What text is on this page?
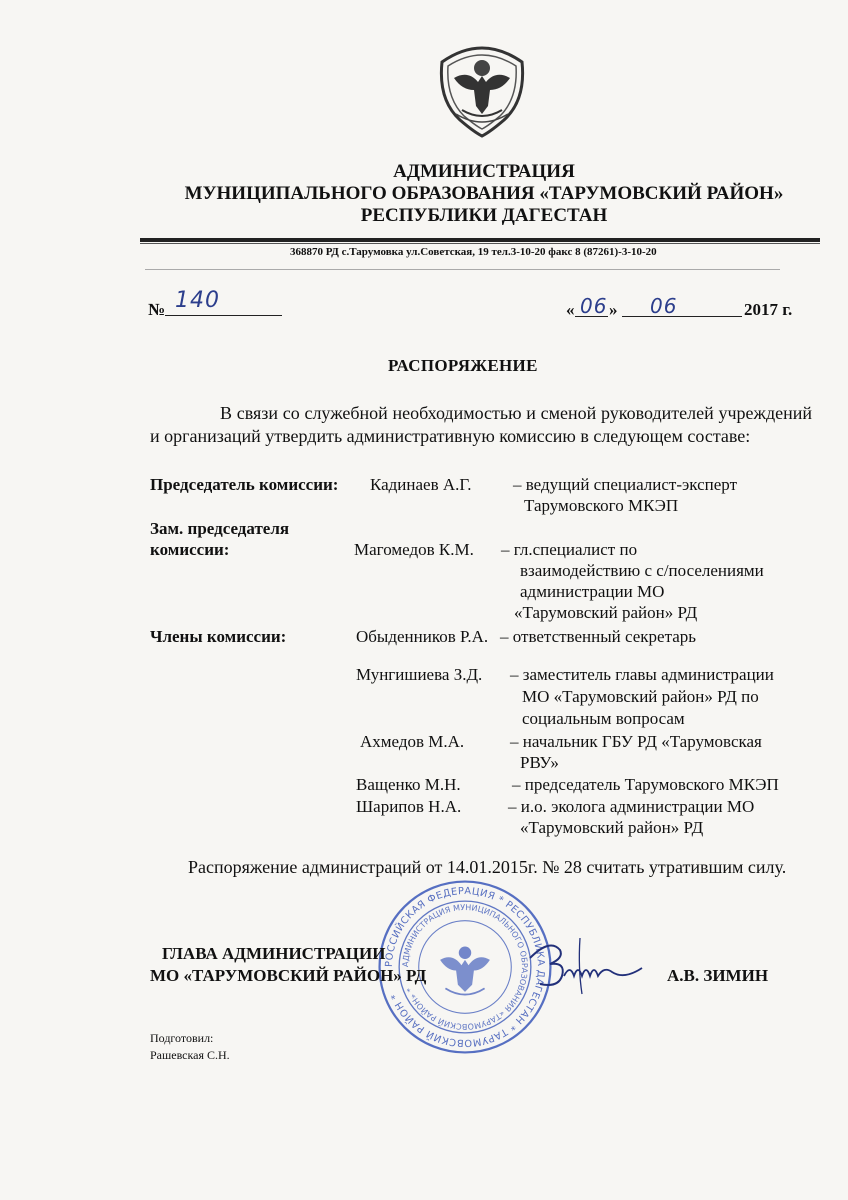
АДМИНИСТРАЦИЯ
МУНИЦИПАЛЬНОГО ОБРАЗОВАНИЯ «ТАРУМОВСКИЙ РАЙОН»
РЕСПУБЛИКИ ДАГЕСТАН
368870 РД с.Тарумовка ул.Советская, 19 тел.3-10-20 факс 8 (87261)-3-10-20
№ 140	« 06 » 06	2017 г.
РАСПОРЯЖЕНИЕ
В связи со служебной необходимостью и сменой руководителей учреждений и организаций утвердить административную комиссию в следующем составе:
Председатель комиссии: Кадинаев А.Г. – ведущий специалист-эксперт
Тарумовского МКЭП
Зам. председателя
комиссии:	Магомедов К.М. – гл.специалист по
взаимодействию с с/поселениями
администрации МО
«Тарумовский район» РД
Члены комиссии:	Обыденников Р.А. – ответственный секретарь
Мунгишиева З.Д. – заместитель главы администрации
МО «Тарумовский район» РД по
социальным вопросам
Ахмедов М.А.	– начальник ГБУ РД «Тарумовская
РВУ»
Ващенко М.Н.	– председатель Тарумовского МКЭП
Шарипов Н.А.	– и.о. эколога администрации МО
«Тарумовский район» РД
Распоряжение администраций от 14.01.2015г. № 28 считать утратившим силу.
РОССИЙСКАЯ ФЕДЕРАЦИЯ * РЕСПУБЛИКА ДАГЕСТАН * ТАРУМОВСКИЙ РАЙОН *
АДМИНИСТРАЦИЯ МУНИЦИПАЛЬНОГО ОБРАЗОВАНИЯ «ТАРУМОВСКИЙ РАЙОН» *
ГЛАВА АДМИНИСТРАЦИИ
МО «ТАРУМОВСКИЙ РАЙОН» РД	А.В. ЗИМИН
Подготовил:
Рашевская С.Н.
